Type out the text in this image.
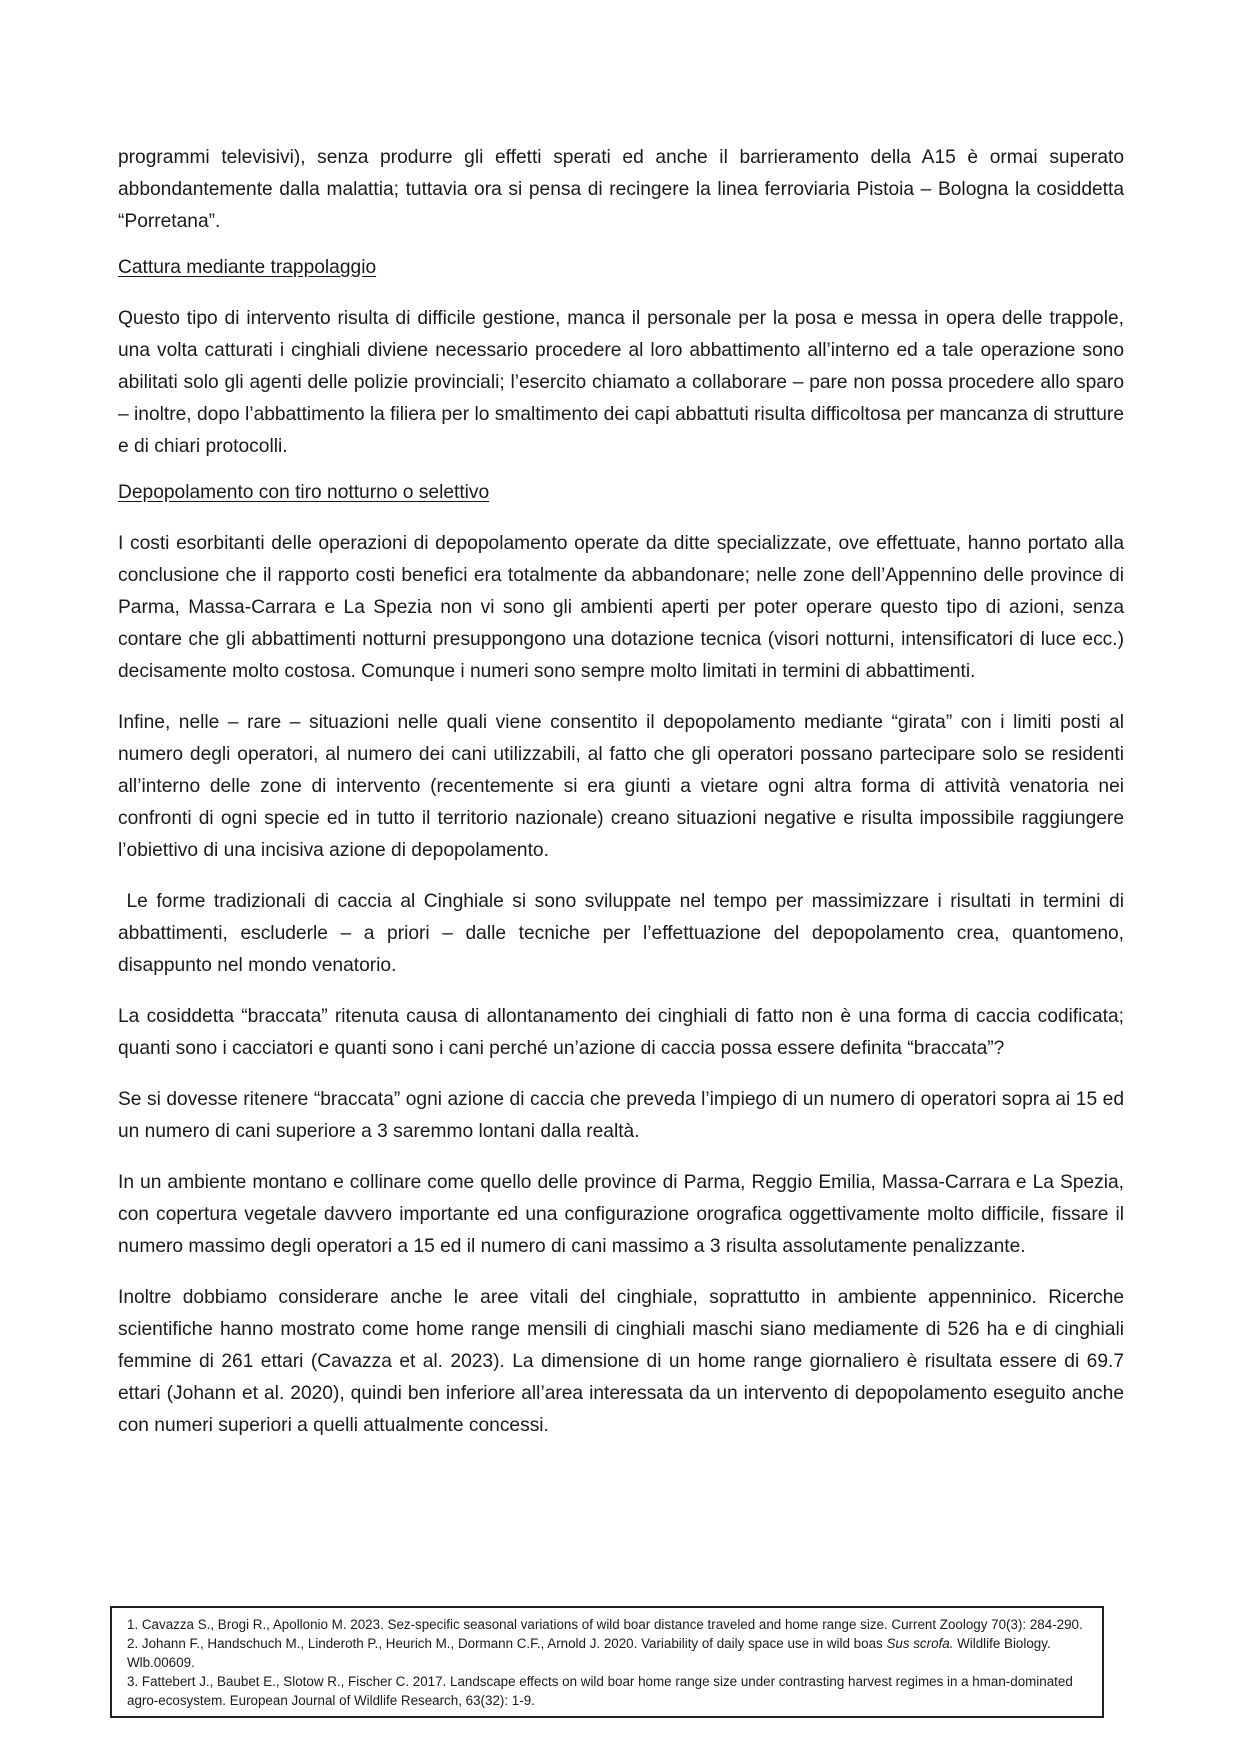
programmi televisivi), senza produrre gli effetti sperati ed anche il barrieramento della A15 è ormai superato abbondantemente dalla malattia; tuttavia ora si pensa di recingere la linea ferroviaria Pistoia – Bologna la cosiddetta “Porretana”.

Cattura mediante trappolaggio

Questo tipo di intervento risulta di difficile gestione, manca il personale per la posa e messa in opera delle trappole, una volta catturati i cinghiali diviene necessario procedere al loro abbattimento all’interno ed a tale operazione sono abilitati solo gli agenti delle polizie provinciali; l’esercito chiamato a collaborare – pare non possa procedere allo sparo – inoltre, dopo l’abbattimento la filiera per lo smaltimento dei capi abbattuti risulta difficoltosa per mancanza di strutture e di chiari protocolli.

Depopolamento con tiro notturno o selettivo

I costi esorbitanti delle operazioni di depopolamento operate da ditte specializzate, ove effettuate, hanno portato alla conclusione che il rapporto costi benefici era totalmente da abbandonare; nelle zone dell’Appennino delle province di Parma, Massa-Carrara e La Spezia non vi sono gli ambienti aperti per poter operare questo tipo di azioni, senza contare che gli abbattimenti notturni presuppongono una dotazione tecnica (visori notturni, intensificatori di luce ecc.) decisamente molto costosa. Comunque i numeri sono sempre molto limitati in termini di abbattimenti.

Infine, nelle – rare – situazioni nelle quali viene consentito il depopolamento mediante “girata” con i limiti posti al numero degli operatori, al numero dei cani utilizzabili, al fatto che gli operatori possano partecipare solo se residenti all’interno delle zone di intervento (recentemente si era giunti a vietare ogni altra forma di attività venatoria nei confronti di ogni specie ed in tutto il territorio nazionale) creano situazioni negative e risulta impossibile raggiungere l’obiettivo di una incisiva azione di depopolamento.

Le forme tradizionali di caccia al Cinghiale si sono sviluppate nel tempo per massimizzare i risultati in termini di abbattimenti, escluderle – a priori – dalle tecniche per l’effettuazione del depopolamento crea, quantomeno, disappunto nel mondo venatorio.

La cosiddetta “braccata” ritenuta causa di allontanamento dei cinghiali di fatto non è una forma di caccia codificata; quanti sono i cacciatori e quanti sono i cani perché un’azione di caccia possa essere definita “braccata”?

Se si dovesse ritenere “braccata” ogni azione di caccia che preveda l’impiego di un numero di operatori sopra ai 15 ed un numero di cani superiore a 3 saremmo lontani dalla realtà.

In un ambiente montano e collinare come quello delle province di Parma, Reggio Emilia, Massa-Carrara e La Spezia, con copertura vegetale davvero importante ed una configurazione orografica oggettivamente molto difficile, fissare il numero massimo degli operatori a 15 ed il numero di cani massimo a 3 risulta assolutamente penalizzante.

Inoltre dobbiamo considerare anche le aree vitali del cinghiale, soprattutto in ambiente appenninico. Ricerche scientifiche hanno mostrato come home range mensili di cinghiali maschi siano mediamente di 526 ha e di cinghiali femmine di 261 ettari (Cavazza et al. 2023). La dimensione di un home range giornaliero è risultata essere di 69.7 ettari (Johann et al. 2020), quindi ben inferiore all’area interessata da un intervento di depopolamento eseguito anche con numeri superiori a quelli attualmente concessi.

1. Cavazza S., Brogi R., Apollonio M. 2023. Sez-specific seasonal variations of wild boar distance traveled and home range size. Current Zoology 70(3): 284-290.

2. Johann F., Handschuch M., Linderoth P., Heurich M., Dormann C.F., Arnold J. 2020. Variability of daily space use in wild boas Sus scrofa. Wildlife Biology. Wlb.00609.

3. Fattebert J., Baubet E., Slotow R., Fischer C. 2017. Landscape effects on wild boar home range size under contrasting harvest regimes in a hman-dominated agro-ecosystem. European Journal of Wildlife Research, 63(32): 1-9.
